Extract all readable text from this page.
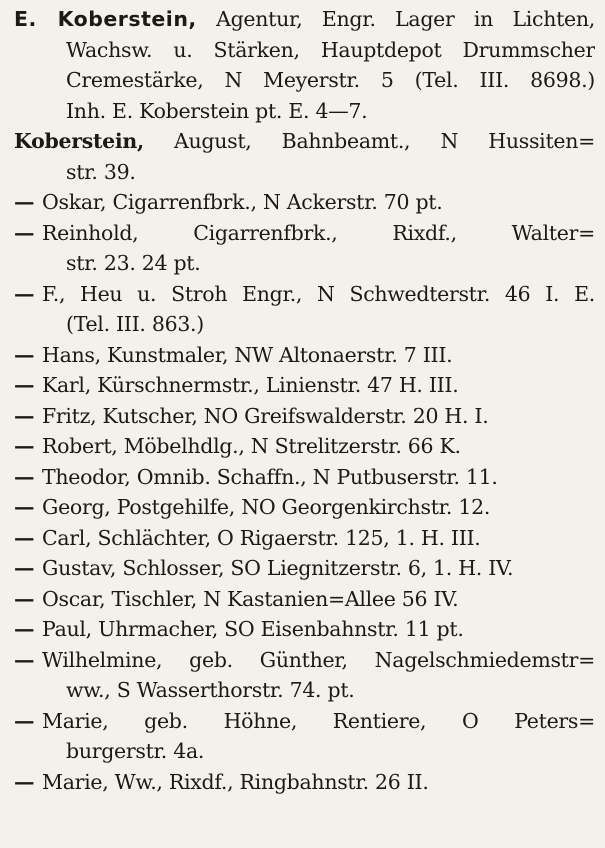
E. Koberstein, Agentur, Engr. Lager in Lichten,
Wachsw. u. Stärken, Hauptdepot Drummscher
Cremestärke, N Meyerstr. 5 (Tel. III. 8698.)
Inh. E. Koberstein pt. E. 4—7.
Koberstein, August, Bahnbeamt., N Hussiten=
str. 39.
— Oskar, Cigarrenfbrk., N Ackerstr. 70 pt.
— Reinhold, Cigarrenfbrk., Rixdf., Walter=
str. 23. 24 pt.
— F., Heu u. Stroh Engr., N Schwedterstr. 46 I. E.
(Tel. III. 863.)
— Hans, Kunstmaler, NW Altonaerstr. 7 III.
— Karl, Kürschnermstr., Linienstr. 47 H. III.
— Fritz, Kutscher, NO Greifswalderstr. 20 H. I.
— Robert, Möbelhdlg., N Strelitzerstr. 66 K.
— Theodor, Omnib. Schaffn., N Putbuserstr. 11.
— Georg, Postgehilfe, NO Georgenkirchstr. 12.
— Carl, Schlächter, O Rigaerstr. 125, 1. H. III.
— Gustav, Schlosser, SO Liegnitzerstr. 6, 1. H. IV.
— Oscar, Tischler, N Kastanien=Allee 56 IV.
— Paul, Uhrmacher, SO Eisenbahnstr. 11 pt.
— Wilhelmine, geb. Günther, Nagelschmiedemstr=
ww., S Wasserthorstr. 74. pt.
— Marie, geb. Höhne, Rentiere, O Peters=
burgerstr. 4a.
— Marie, Ww., Rixdf., Ringbahnstr. 26 II.
